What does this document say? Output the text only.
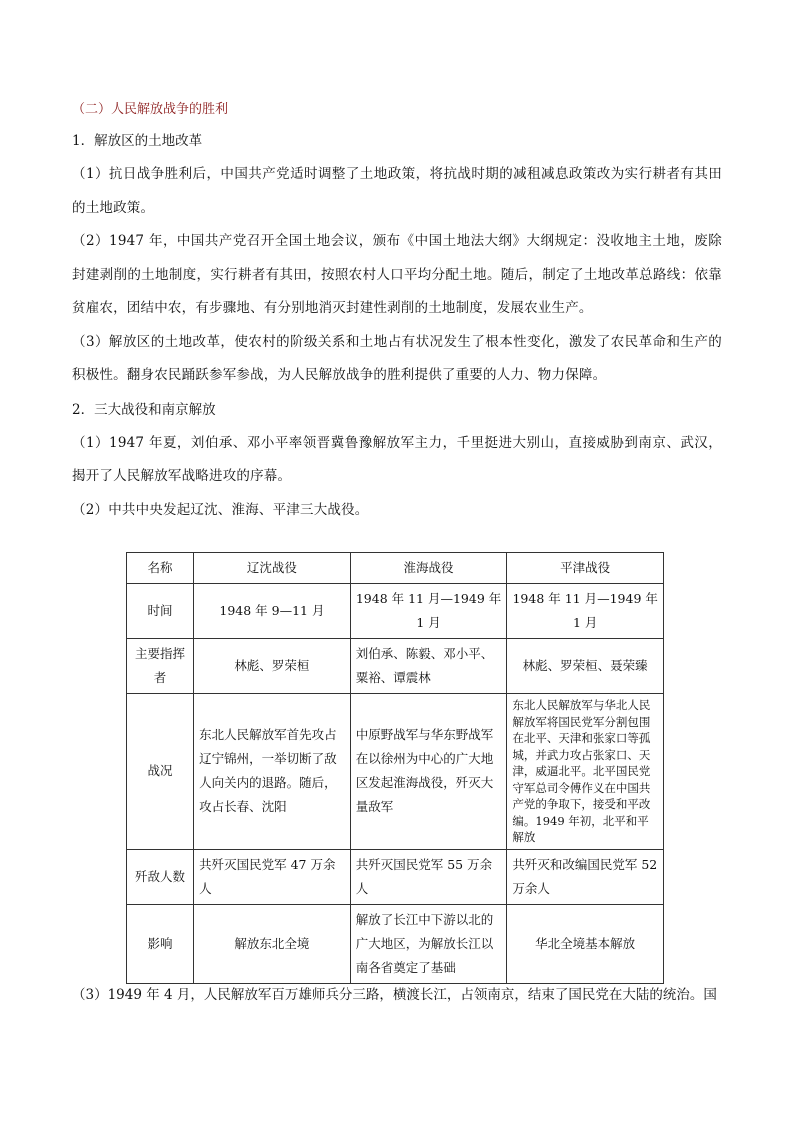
（二）人民解放战争的胜利
1．解放区的土地改革

（1）抗日战争胜利后，中国共产党适时调整了土地政策，将抗战时期的减租减息政策改为实行耕者有其田的土地政策。

（2）1947 年，中国共产党召开全国土地会议，颁布《中国土地法大纲》大纲规定：没收地主土地，废除封建剥削的土地制度，实行耕者有其田，按照农村人口平均分配土地。随后，制定了土地改革总路线：依靠贫雇农，团结中农，有步骤地、有分别地消灭封建性剥削的土地制度，发展农业生产。

（3）解放区的土地改革，使农村的阶级关系和土地占有状况发生了根本性变化，激发了农民革命和生产的积极性。翻身农民踊跃参军参战，为人民解放战争的胜利提供了重要的人力、物力保障。

2．三大战役和南京解放

（1）1947 年夏，刘伯承、邓小平率领晋冀鲁豫解放军主力，千里挺进大别山，直接威胁到南京、武汉，揭开了人民解放军战略进攻的序幕。

（2）中共中央发起辽沈、淮海、平津三大战役。

名称	辽沈战役	淮海战役	平津战役
时间	1948 年 9—11 月	1948 年 11 月—1949 年 1 月	1948 年 11 月—1949 年 1 月
主要指挥者	林彪、罗荣桓	刘伯承、陈毅、邓小平、粟裕、谭震林	林彪、罗荣桓、聂荣臻
战况	东北人民解放军首先攻占辽宁锦州，一举切断了敌人向关内的退路。随后，攻占长春、沈阳	中原野战军与华东野战军在以徐州为中心的广大地区发起淮海战役，歼灭大量敌军	东北人民解放军与华北人民解放军将国民党军分割包围在北平、天津和张家口等孤城，并武力攻占张家口、天津，威逼北平。北平国民党守军总司令傅作义在中国共产党的争取下，接受和平改编。1949 年初，北平和平解放
歼敌人数	共歼灭国民党军 47 万余人	共歼灭国民党军 55 万余人	共歼灭和改编国民党军 52 万余人
影响	解放东北全境	解放了长江中下游以北的广大地区，为解放长江以南各省奠定了基础	华北全境基本解放
（3）1949 年 4 月，人民解放军百万雄师兵分三路，横渡长江，占领南京，结束了国民党在大陆的统治。国
